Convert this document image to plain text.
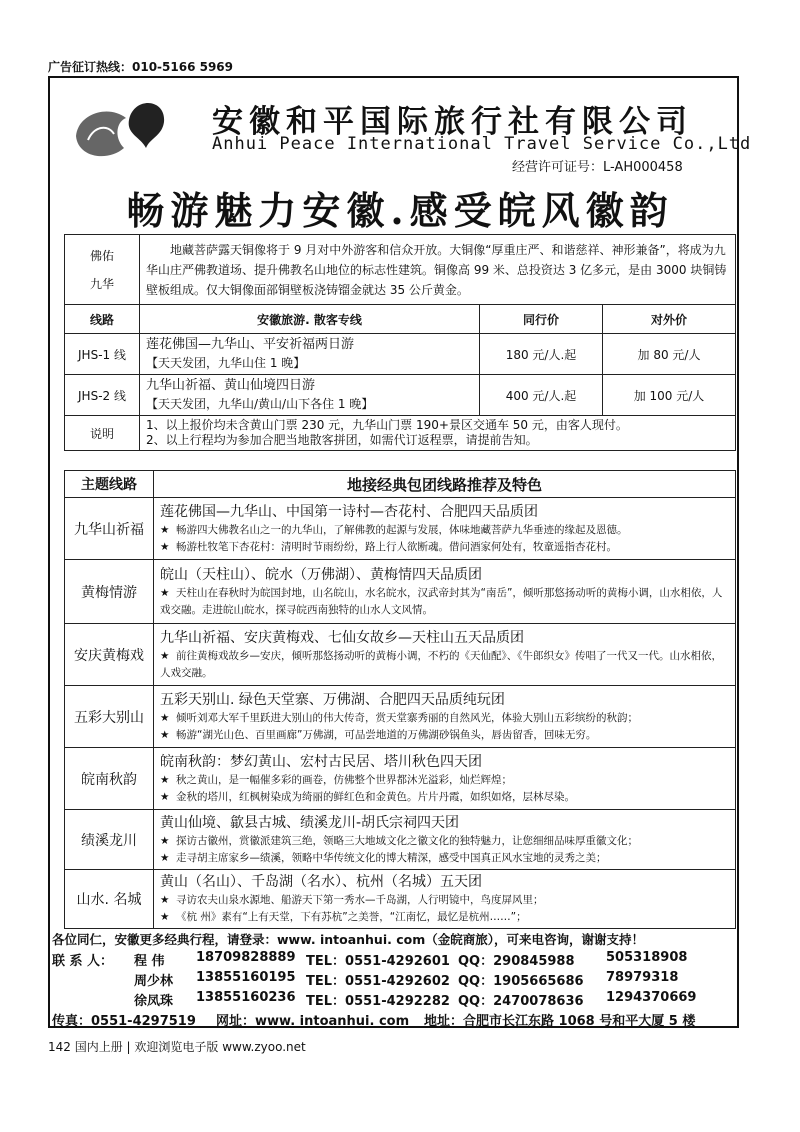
广告征订热线：010-5166 5969
安徽和平国际旅行社有限公司
Anhui Peace International Travel Service Co.,Ltd
经营许可证号：L-AH000458
畅游魅力安徽.感受皖风徽韵
佛佑
九华	地藏菩萨露天铜像将于 9 月对中外游客和信众开放。大铜像“厚重庄严、和谐慈祥、神形兼备”，将成为九华山庄严佛教道场、提升佛教名山地位的标志性建筑。铜像高 99 米、总投资达 3 亿多元，是由 3000 块铜铸壁板组成。仅大铜像面部铜壁板浇铸镏金就达 35 公斤黄金。		
线路	安徽旅游. 散客专线	同行价	对外价
JHS-1 线	莲花佛国—九华山、平安祈福两日游
【天天发团，九华山住 1 晚】	180 元/人.起	加 80 元/人
JHS-2 线	九华山祈福、黄山仙境四日游
【天天发团，九华山/黄山/山下各住 1 晚】	400 元/人.起	加 100 元/人
说明	1、以上报价均未含黄山门票 230 元，九华山门票 190+景区交通车 50 元，由客人现付。
2、以上行程均为参加合肥当地散客拼团，如需代订返程票，请提前告知。		
主题线路	地接经典包团线路推荐及特色
九华山祈福	莲花佛国—九华山、中国第一诗村—杏花村、合肥四天品质团
★ 畅游四大佛教名山之一的九华山，了解佛教的起源与发展，体味地藏菩萨九华垂迹的缘起及恩德。
★ 畅游杜牧笔下杏花村：清明时节雨纷纷，路上行人欲断魂。借问酒家何处有，牧童遥指杏花村。

黄梅情游	皖山（天柱山）、皖水（万佛湖）、黄梅情四天品质团
★ 天柱山在春秋时为皖国封地，山名皖山，水名皖水，汉武帝封其为“南岳”，倾听那悠扬动听的黄梅小调，山水相依，人戏交融。走进皖山皖水，探寻皖西南独特的山水人文风情。

安庆黄梅戏	九华山祈福、安庆黄梅戏、七仙女故乡—天柱山五天品质团
★ 前往黄梅戏故乡—安庆，倾听那悠扬动听的黄梅小调，不朽的《天仙配》、《牛郎织女》传唱了一代又一代。山水相依，人戏交融。

五彩大别山	五彩天别山. 绿色天堂寨、万佛湖、合肥四天品质纯玩团
★ 倾听刘邓大军千里跃进大别山的伟大传奇，赏天堂寨秀丽的自然风光，体验大别山五彩缤纷的秋韵；
★ 畅游“湖光山色、百里画廊”万佛湖，可品尝地道的万佛湖砂锅鱼头，唇齿留香，回味无穷。

皖南秋韵	皖南秋韵：梦幻黄山、宏村古民居、塔川秋色四天团
★ 秋之黄山，是一幅催多彩的画卷，仿佛整个世界都沐光溢彩，灿烂辉煌；
★ 金秋的塔川，红枫树染成为绮丽的鲜红色和金黄色。片片丹霞，如织如烙，层林尽染。

绩溪龙川	黄山仙境、歙县古城、绩溪龙川-胡氏宗祠四天团
★ 探访古徽州，赏徽派建筑三绝，领略三大地域文化之徽文化的独特魅力，让您细细品味厚重徽文化；
★ 走寻胡主席家乡—绩溪，领略中华传统文化的博大精深，感受中国真正风水宝地的灵秀之美；

山水. 名城	黄山（名山）、千岛湖（名水）、杭州（名城）五天团
★ 寻访农夫山泉水源地、船游天下第一秀水—千岛湖，人行明镜中，鸟度屏风里；
★ 《杭 州》素有“上有天堂，下有苏杭”之美誉，“江南忆，最忆是杭州……”；
各位同仁，安徽更多经典行程，请登录：www. intoanhui. com（金皖商旅），可来电咨询，谢谢支持！
联 系 人： 程 伟 18709828889 TEL：0551-4292601 QQ：290845988 505318908
周少林 13855160195 TEL：0551-4292602 QQ：1905665686 78979318
徐凤珠 13855160236 TEL：0551-4292282 QQ：2470078636 1294370669
传真：0551-4297519 网址：www. intoanhui. com 地址：合肥市长江东路 1068 号和平大厦 5 楼
142 国内上册 | 欢迎浏览电子版 www.zyoo.net
